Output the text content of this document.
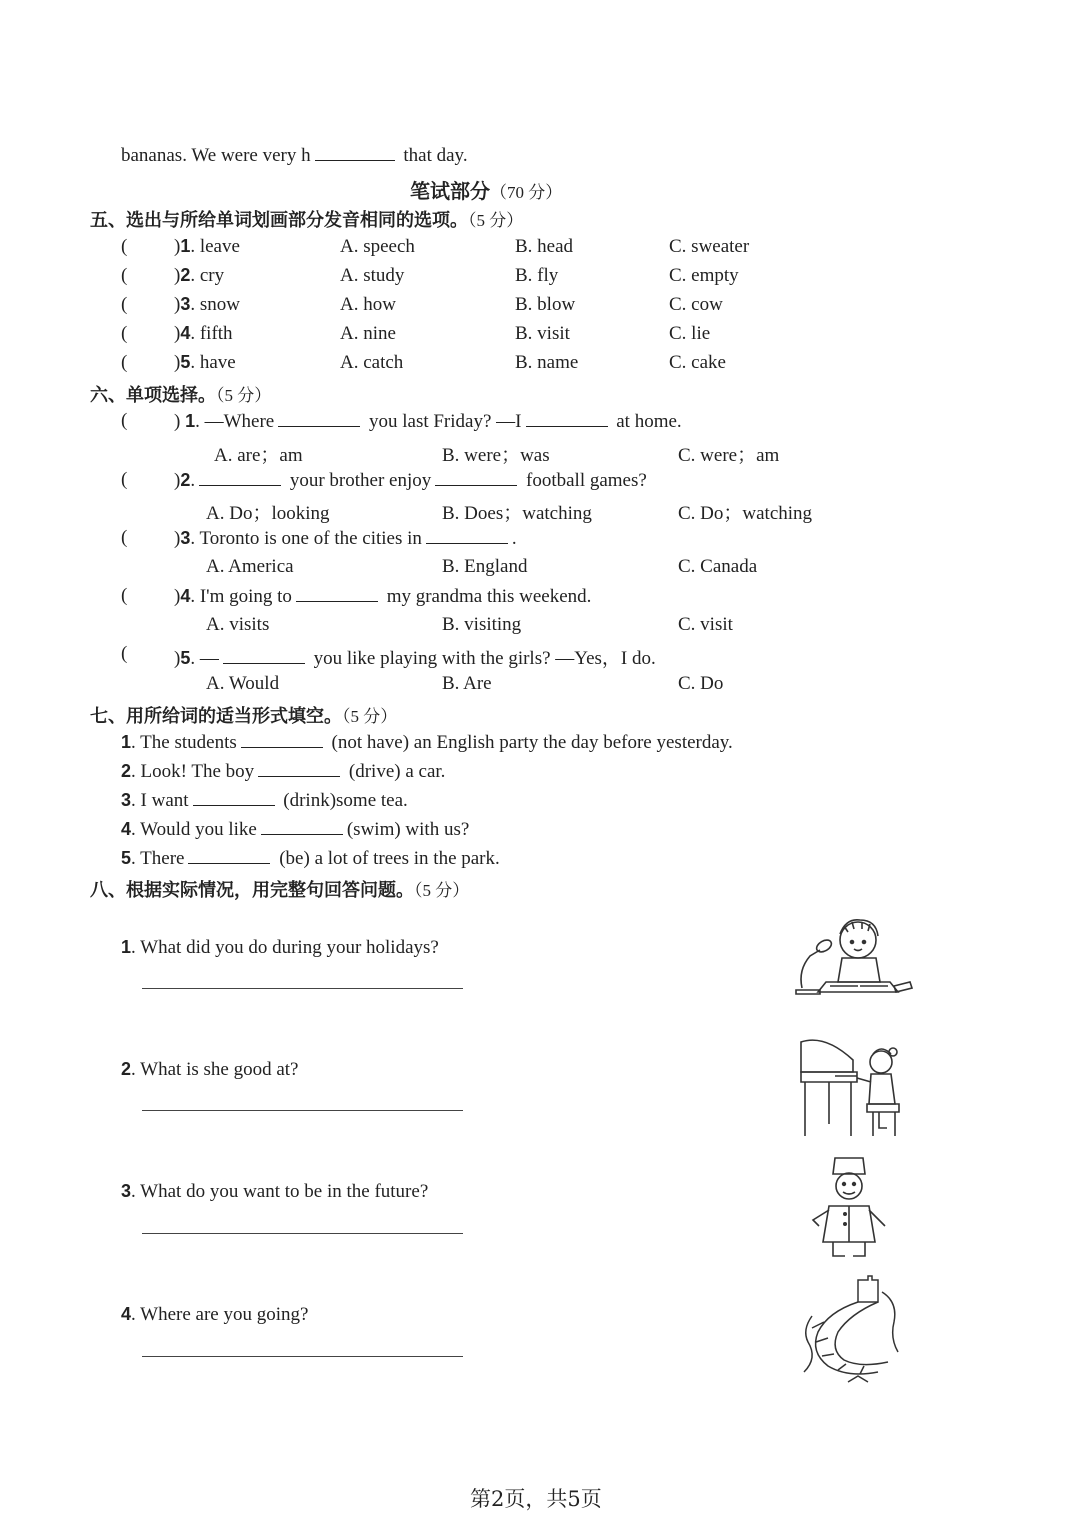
bananas. We were very h	that day.
笔试部分（70 分）
五、选出与所给单词划画部分发音相同的选项。（5 分）
( )1. leave	A. speech	B. head	C. sweater
( )2. cry	A. study	B. fly	C. empty
( )3. snow	A. how	B. blow	C. cow
( )4. fifth	A. nine	B. visit	C. lie
( )5. have	A. catch	B. name	C. cake
六、单项选择。（5 分）
( ) 1. —Where	you last Friday? —I	at home.
A. are；am	B. were；was	C. were；am
( )2.	your brother enjoy	football games?
A. Do；looking	B. Does；watching	C. Do；watching
( )3. Toronto is one of the cities in	.
A. America	B. England	C. Canada
( )4. I'm going to	my grandma this weekend.
A. visits	B. visiting	C. visit
( )5. —	you like playing with the girls? —Yes，I do.
A. Would	B. Are	C. Do
七、用所给词的适当形式填空。（5 分）
1. The students	(not have) an English party the day before yesterday.
2. Look! The boy	(drive) a car.
3. I want	(drink)some tea.
4. Would you like	(swim) with us?
5. There	(be) a lot of trees in the park.
八、根据实际情况，用完整句回答问题。（5 分）
1. What did you do during your holidays?
2. What is she good at?
3. What do you want to be in the future?
4. Where are you going?
第2页，共5页
